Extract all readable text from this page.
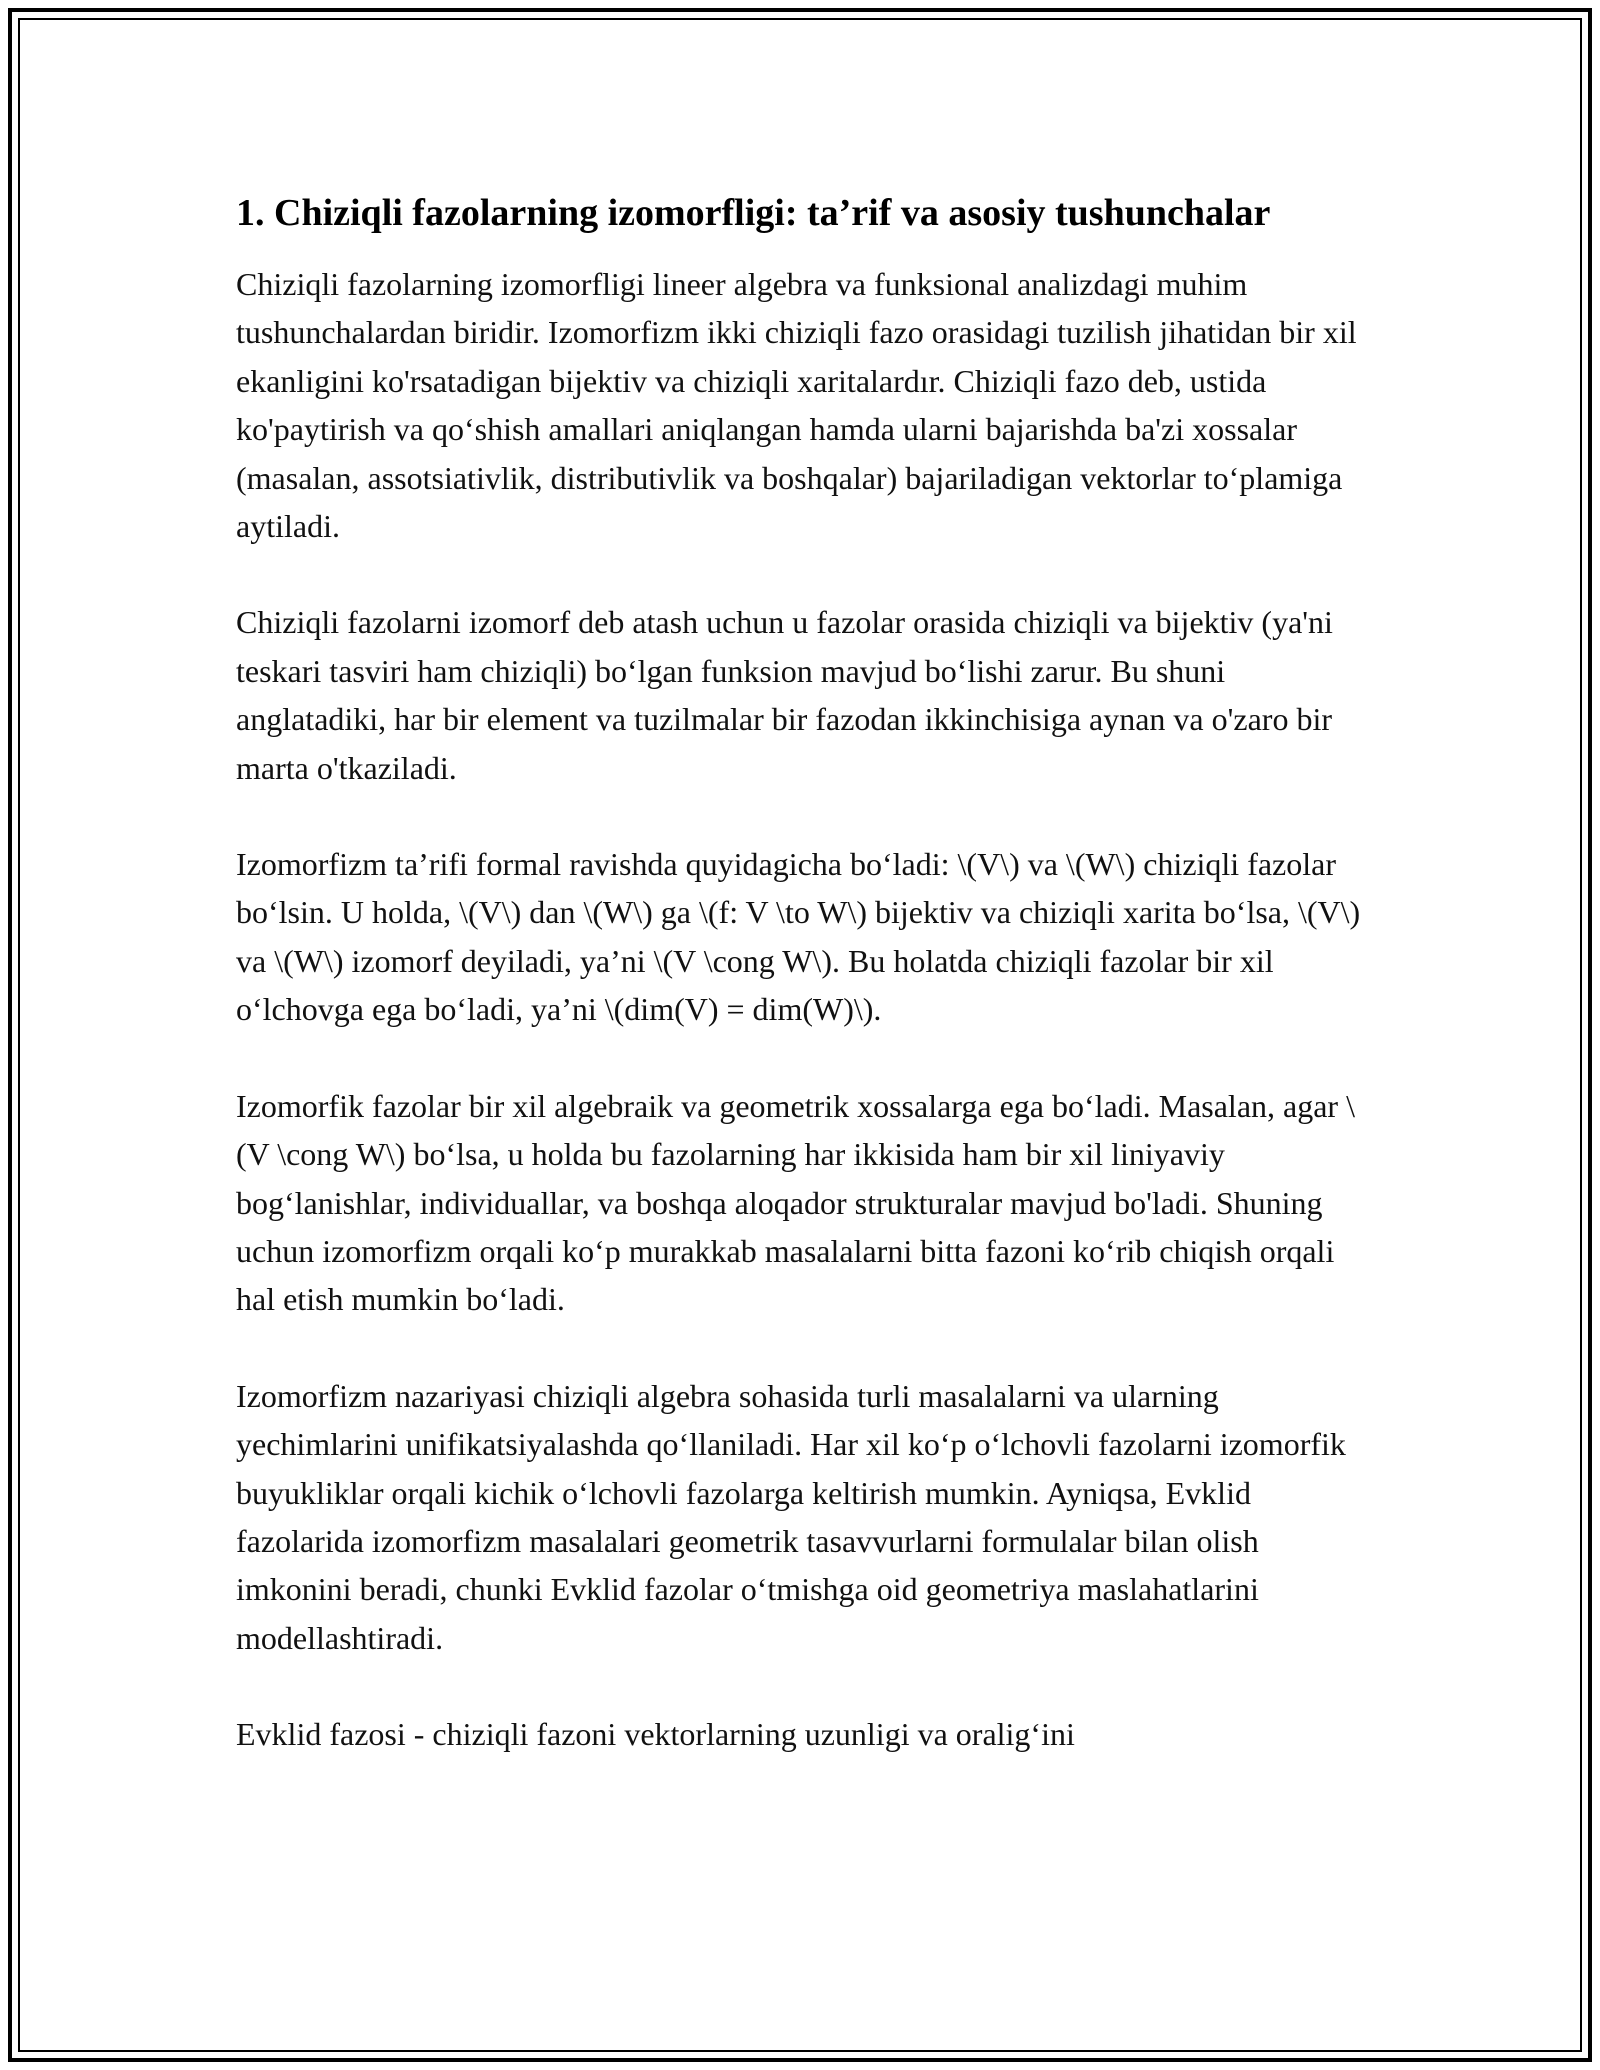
1. Chiziqli fazolarning izomorfligi: ta’rif va asosiy tushunchalar

Chiziqli fazolarning izomorfligi lineer algebra va funksional analizdagi muhim tushunchalardan biridir. Izomorfizm ikki chiziqli fazo orasidagi tuzilish jihatidan bir xil ekanligini ko'rsatadigan bijektiv va chiziqli xaritalardır. Chiziqli fazo deb, ustida ko'paytirish va qo‘shish amallari aniqlangan hamda ularni bajarishda ba'zi xossalar (masalan, assotsiativlik, distributivlik va boshqalar) bajariladigan vektorlar to‘plamiga aytiladi.

Chiziqli fazolarni izomorf deb atash uchun u fazolar orasida chiziqli va bijektiv (ya'ni teskari tasviri ham chiziqli) bo‘lgan funksion mavjud bo‘lishi zarur. Bu shuni anglatadiki, har bir element va tuzilmalar bir fazodan ikkinchisiga aynan va o'zaro bir marta o'tkaziladi.

Izomorfizm ta’rifi formal ravishda quyidagicha bo‘ladi: \(V\) va \(W\) chiziqli fazolar bo‘lsin. U holda, \(V\) dan \(W\) ga \(f: V \to W\) bijektiv va chiziqli xarita bo‘lsa, \(V\) va \(W\) izomorf deyiladi, ya’ni \(V \cong W\). Bu holatda chiziqli fazolar bir xil o‘lchovga ega bo‘ladi, ya’ni \(dim(V) = dim(W)\).

Izomorfik fazolar bir xil algebraik va geometrik xossalarga ega bo‘ladi. Masalan, agar \(V \cong W\) bo‘lsa, u holda bu fazolarning har ikkisida ham bir xil liniyaviy bog‘lanishlar, individuallar, va boshqa aloqador strukturalar mavjud bo'ladi. Shuning uchun izomorfizm orqali ko‘p murakkab masalalarni bitta fazoni ko‘rib chiqish orqali hal etish mumkin bo‘ladi.

Izomorfizm nazariyasi chiziqli algebra sohasida turli masalalarni va ularning yechimlarini unifikatsiyalashda qo‘llaniladi. Har xil ko‘p o‘lchovli fazolarni izomorfik buyukliklar orqali kichik o‘lchovli fazolarga keltirish mumkin. Ayniqsa, Evklid fazolarida izomorfizm masalalari geometrik tasavvurlarni formulalar bilan olish imkonini beradi, chunki Evklid fazolar o‘tmishga oid geometriya maslahatlarini modellashtiradi.

Evklid fazosi - chiziqli fazoni vektorlarning uzunligi va oralig‘ini
